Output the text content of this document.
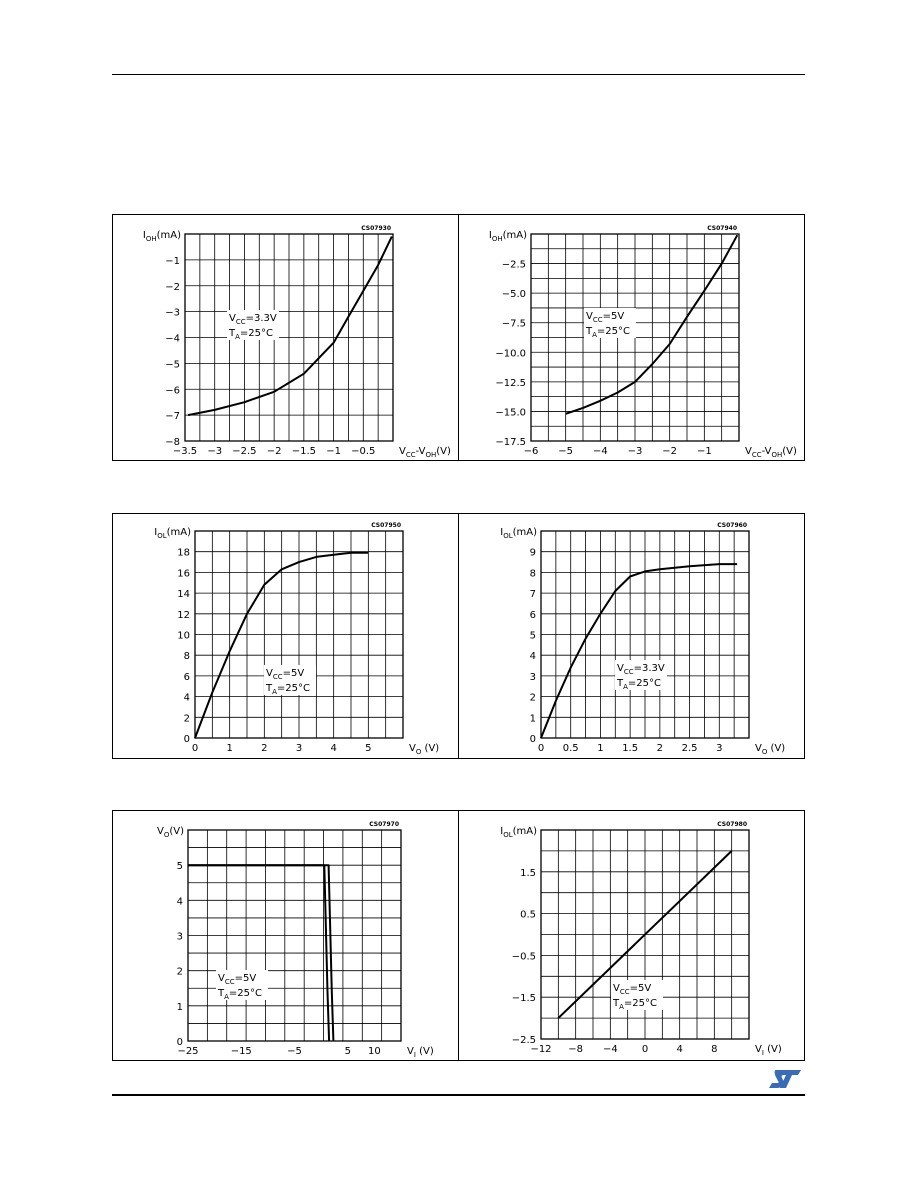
−3.5 −3 −2.5 −2 −1.5 −1 −0.5
−1
−2
−3
−4
−5
−6
−7
−8
$I_{OH}(mA)$
$V_{CC}-V_{OH}(V)$
CS07930
$V_{CC}=3.3V$
$T_A=25^\circ C$
−6 −5 −4 −3 −2 −1
−2.5
−5.0
−7.5
−10.0
−12.5
−15.0
−17.5
$I_{OH}(mA)$
$V_{CC}-V_{OH}(V)$
CS07940
$V_{CC}=5V$
$T_A=25^\circ C$
0	1	2	3	4	5
0
2
4
6
8
10
12
14
16
18
$I_{OL}(mA)$
$V_O$ (V)
CS07950
$V_{CC}=5V$
$T_A=25^\circ C$
0 0.5 1 1.5 2 2.5 3
0
1
2
3
4
5
6
7
8
9
$I_{OL}(mA)$
$V_O$ (V)
CS07960
$V_{CC}=3.3V$
$T_A=25^\circ C$
−25	−15	−5	5 10
0
1
2
3
4
5
$V_O(V)$
$V_I$ (V)
CS07970
$V_{CC}=5V$
$T_A=25^\circ C$
−12 −8 −4 0	4	8
1.5
0.5
−0.5
−1.5
−2.5
$I_{OL}(mA)$
$V_I$ (V)
CS07980
$V_{CC}=5V$
$T_A=25^\circ C$
